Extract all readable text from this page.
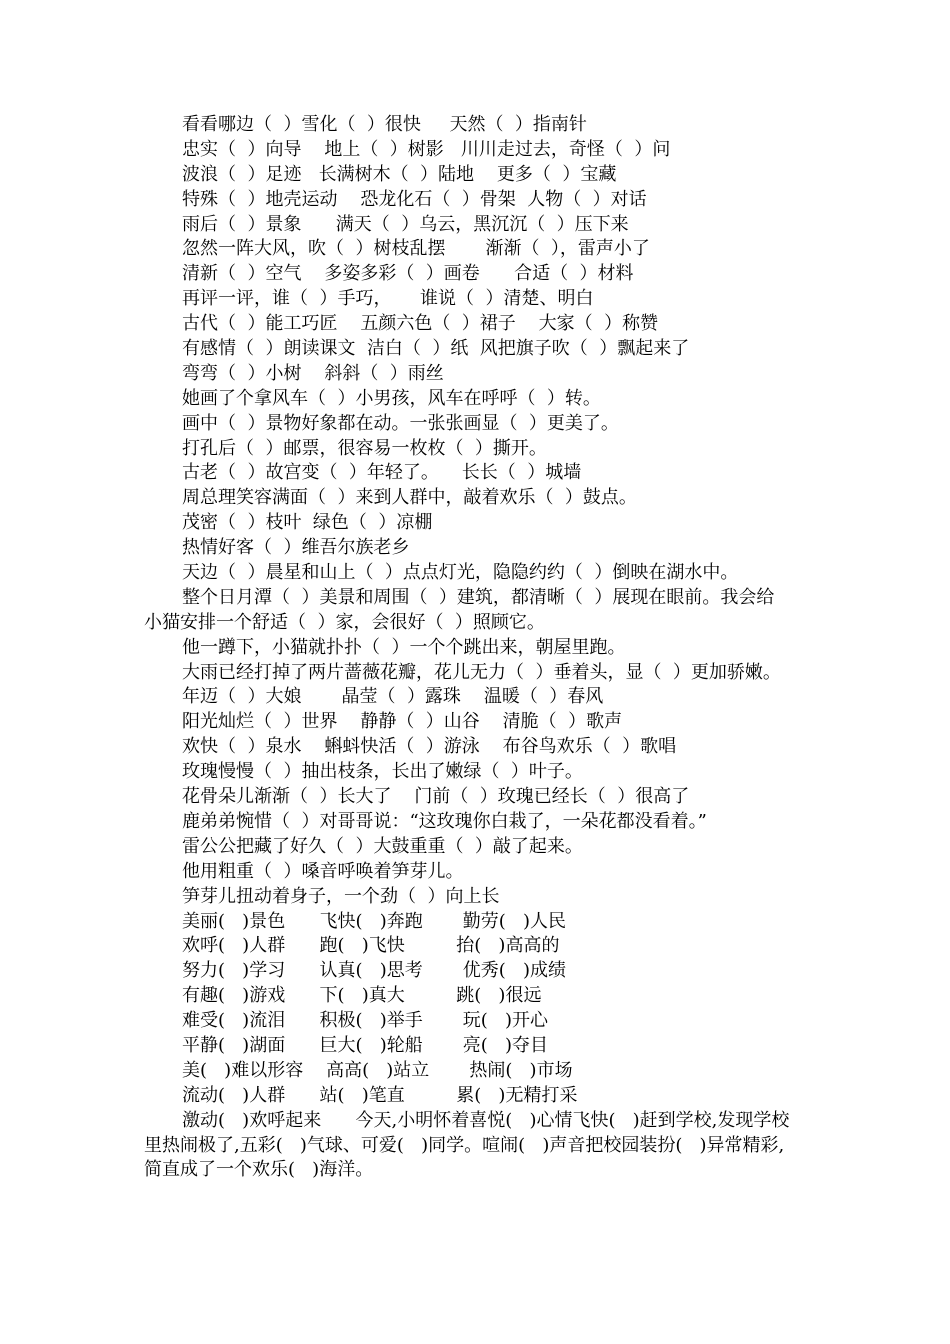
看看哪边（  ）雪化（  ）很快     天然（  ）指南针
忠实（  ）向导    地上（  ）树影   川川走过去，奇怪（  ）问
波浪（  ）足迹   长满树木（  ）陆地    更多（  ）宝藏
特殊（  ）地壳运动    恐龙化石（  ）骨架  人物（  ）对话
雨后（  ）景象      满天（  ）乌云，黑沉沉（  ）压下来
忽然一阵大风，吹（  ）树枝乱摆       渐渐（  ），雷声小了
清新（  ）空气    多姿多彩（  ）画卷      合适（  ）材料
再评一评，谁（  ）手巧，     谁说（  ）清楚、明白
古代（  ）能工巧匠    五颜六色（  ）裙子    大家（  ）称赞
有感情（  ）朗读课文  洁白（  ）纸  风把旗子吹（  ）飘起来了
弯弯（  ）小树    斜斜（  ）雨丝
她画了个拿风车（  ）小男孩，风车在呼呼（  ）转。
画中（  ）景物好象都在动。一张张画显（  ）更美了。
打孔后（  ）邮票，很容易一枚枚（  ）撕开。
古老（  ）故宫变（  ）年轻了。    长长（  ）城墙
周总理笑容满面（  ）来到人群中，敲着欢乐（  ）鼓点。
茂密（  ）枝叶  绿色（  ）凉棚
热情好客（  ）维吾尔族老乡
天边（  ）晨星和山上（  ）点点灯光，隐隐约约（  ）倒映在湖水中。
整个日月潭（  ）美景和周围（  ）建筑，都清晰（  ）展现在眼前。我会给
小猫安排一个舒适（  ）家，会很好（  ）照顾它。
他一蹲下，小猫就扑扑（  ）一个个跳出来，朝屋里跑。
大雨已经打掉了两片蔷薇花瓣，花儿无力（  ）垂着头，显（  ）更加骄嫩。
年迈（  ）大娘       晶莹（  ）露珠    温暖（  ）春风
阳光灿烂（  ）世界    静静（  ）山谷    清脆（  ）歌声
欢快（  ）泉水    蝌蚪快活（  ）游泳    布谷鸟欢乐（  ）歌唱
玫瑰慢慢（  ）抽出枝条，长出了嫩绿（  ）叶子。
花骨朵儿渐渐（  ）长大了    门前（  ）玫瑰已经长（  ）很高了
鹿弟弟惋惜（  ）对哥哥说：“这玫瑰你白栽了，一朵花都没看着。”
雷公公把藏了好久（  ）大鼓重重（  ）敲了起来。
他用粗重（  ）嗓音呼唤着笋芽儿。
笋芽儿扭动着身子，一个劲（  ）向上长
美丽(   )景色      飞快(   )奔跑       勤劳(   )人民
欢呼(   )人群      跑(   )飞快         抬(   )高高的
努力(   )学习      认真(   )思考       优秀(   )成绩
有趣(   )游戏      下(   )真大         跳(   )很远
难受(   )流泪      积极(   )举手       玩(   )开心
平静(   )湖面      巨大(   )轮船       亮(   )夺目
美(   )难以形容    高高(   )站立       热闹(   )市场
流动(   )人群      站(   )笔直         累(   )无精打采
激动(   )欢呼起来      今天,小明怀着喜悦(   )心情飞快(   )赶到学校,发现学校
里热闹极了,五彩(   )气球、可爱(   )同学。喧闹(   )声音把校园装扮(   )异常精彩,
简直成了一个欢乐(   )海洋。
